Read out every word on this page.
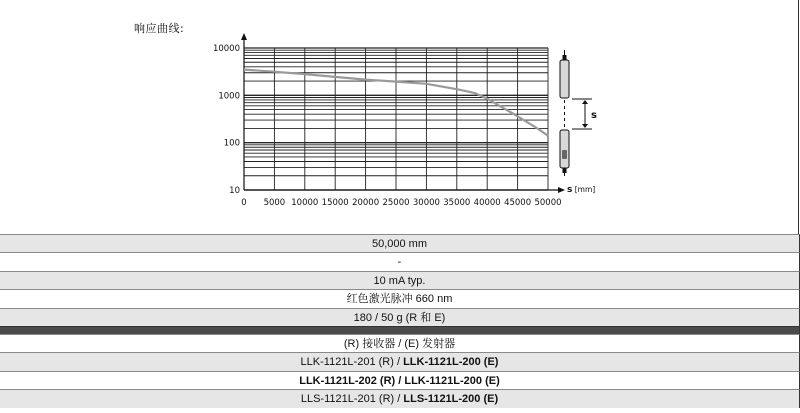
响应曲线:
10
100
1000
10000
0 5000 10000 15000 20000 25000 30000 35000 40000 45000 50000
s [mm]
s
50,000 mm
-
10 mA typ.
红色激光脉冲 660 nm
180 / 50 g (R 和 E)
(R) 接收器 / (E) 发射器
LLK-1121L-201 (R) / LLK-1121L-200 (E)
LLK-1121L-202 (R) / LLK-1121L-200 (E)
LLS-1121L-201 (R) / LLS-1121L-200 (E)
